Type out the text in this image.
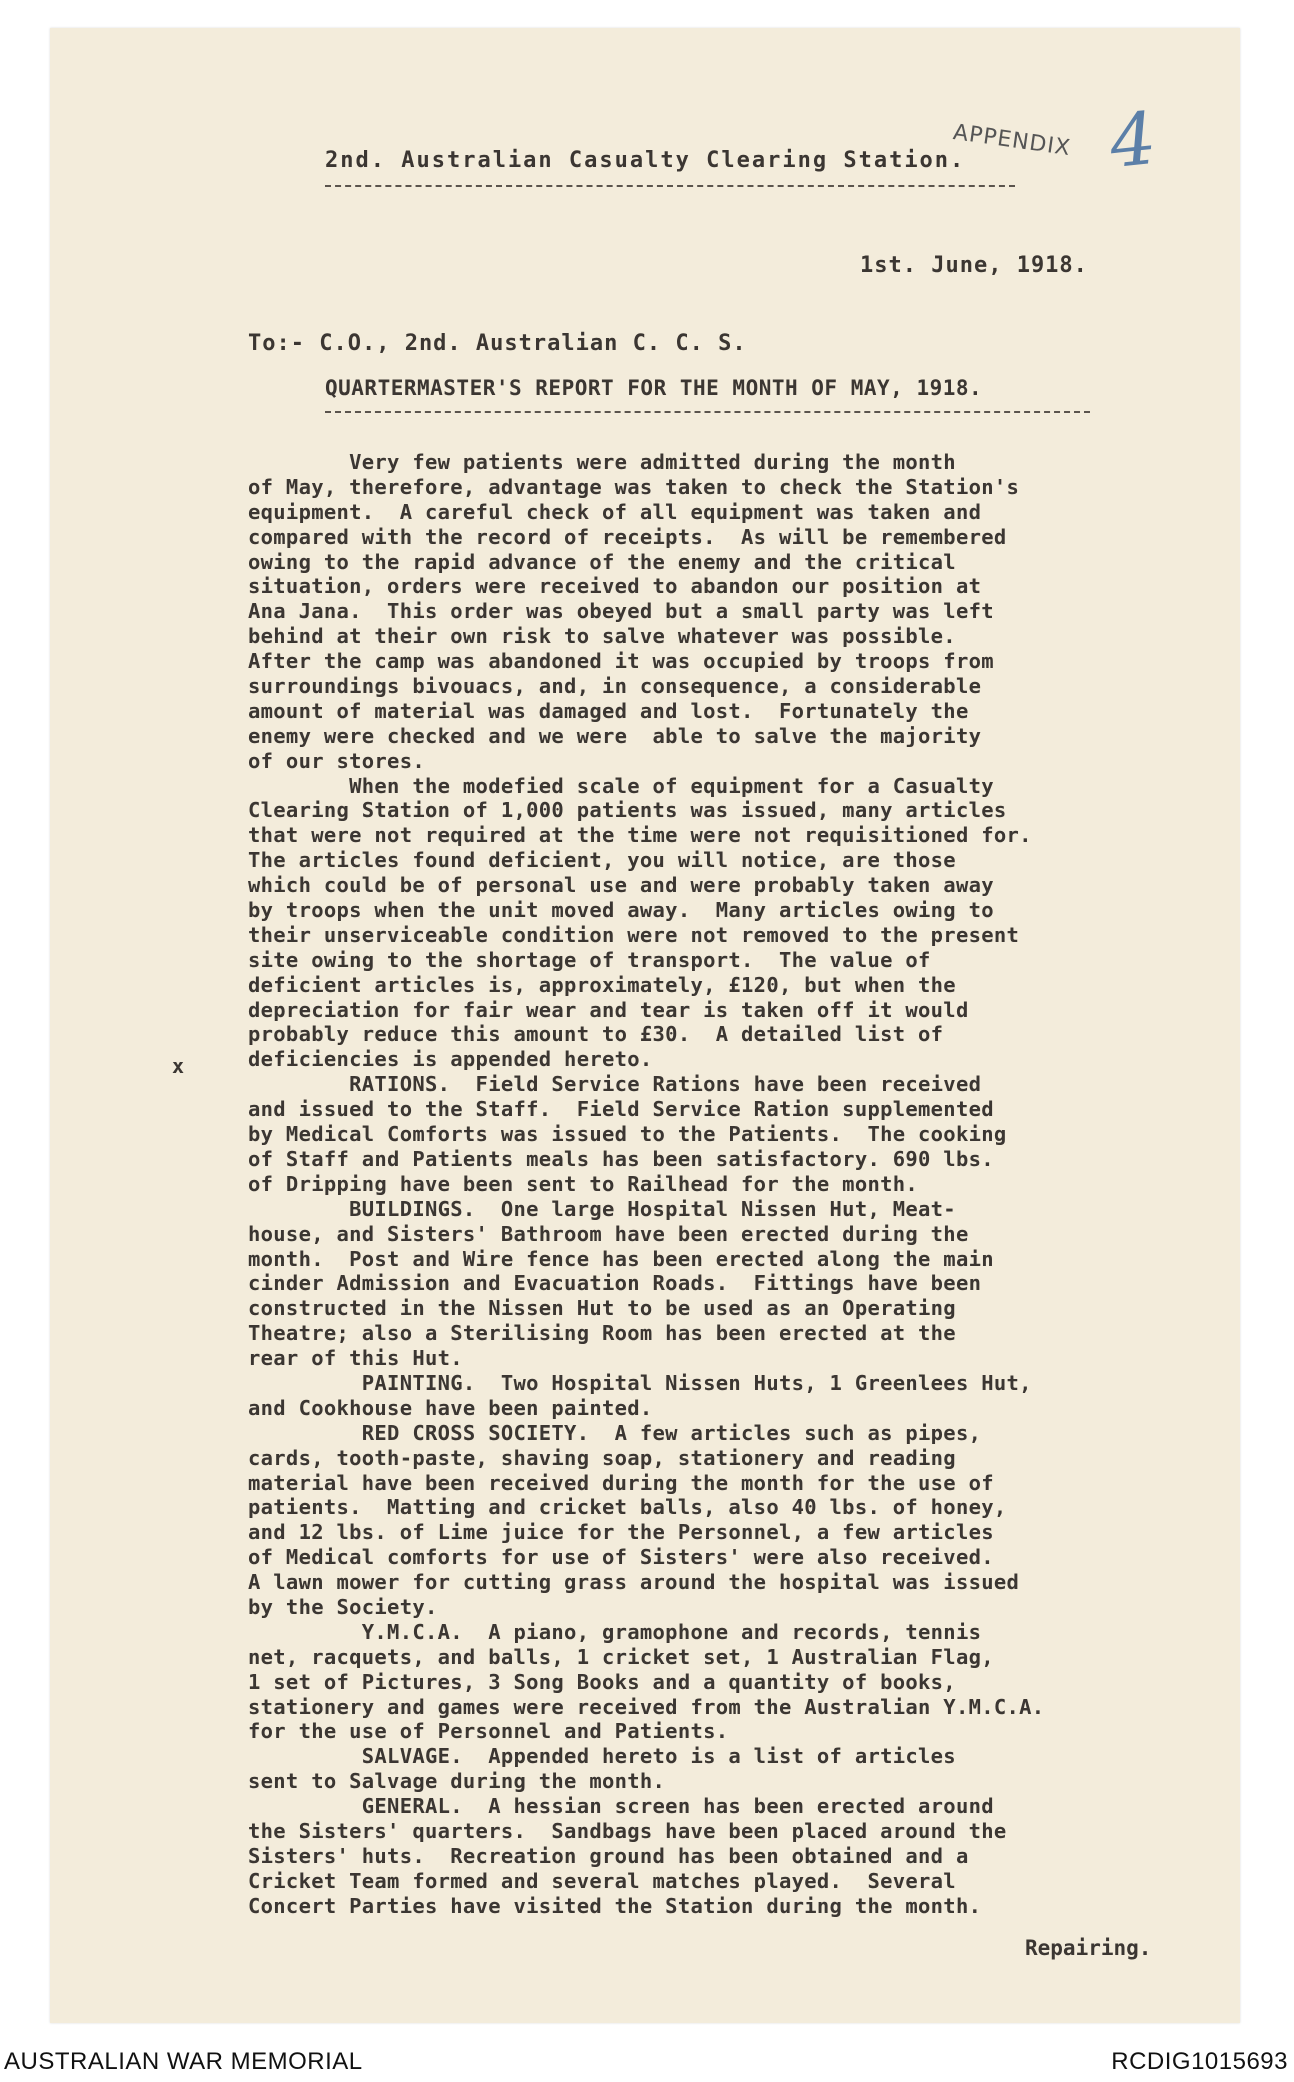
2nd. Australian Casualty Clearing Station.
APPENDIX 4
1st. June, 1918.
To:- C.O., 2nd. Australian C. C. S.
QUARTERMASTER'S REPORT FOR THE MONTH OF MAY, 1918.
Very few patients were admitted during the month
of May, therefore, advantage was taken to check the Station's
equipment.  A careful check of all equipment was taken and
compared with the record of receipts.  As will be remembered
owing to the rapid advance of the enemy and the critical
situation, orders were received to abandon our position at
Ana Jana.  This order was obeyed but a small party was left
behind at their own risk to salve whatever was possible.
After the camp was abandoned it was occupied by troops from
surroundings bivouacs, and, in consequence, a considerable
amount of material was damaged and lost.  Fortunately the
enemy were checked and we were  able to salve the majority
of our stores.
When the modefied scale of equipment for a Casualty
Clearing Station of 1,000 patients was issued, many articles
that were not required at the time were not requisitioned for.
The articles found deficient, you will notice, are those
which could be of personal use and were probably taken away
by troops when the unit moved away.  Many articles owing to
their unserviceable condition were not removed to the present
site owing to the shortage of transport.  The value of
deficient articles is, approximately, £120, but when the
depreciation for fair wear and tear is taken off it would
probably reduce this amount to £30.  A detailed list of
deficiencies is appended hereto.
RATIONS.  Field Service Rations have been received
and issued to the Staff.  Field Service Ration supplemented
by Medical Comforts was issued to the Patients.  The cooking
of Staff and Patients meals has been satisfactory. 690 lbs.
of Dripping have been sent to Railhead for the month.
BUILDINGS.  One large Hospital Nissen Hut, Meat-
house, and Sisters' Bathroom have been erected during the
month.  Post and Wire fence has been erected along the main
cinder Admission and Evacuation Roads.  Fittings have been
constructed in the Nissen Hut to be used as an Operating
Theatre; also a Sterilising Room has been erected at the
rear of this Hut.
PAINTING.  Two Hospital Nissen Huts, 1 Greenlees Hut,
and Cookhouse have been painted.
RED CROSS SOCIETY.  A few articles such as pipes,
cards, tooth-paste, shaving soap, stationery and reading
material have been received during the month for the use of
patients.  Matting and cricket balls, also 40 lbs. of honey,
and 12 lbs. of Lime juice for the Personnel, a few articles
of Medical comforts for use of Sisters' were also received.
A lawn mower for cutting grass around the hospital was issued
by the Society.
Y.M.C.A.  A piano, gramophone and records, tennis
net, racquets, and balls, 1 cricket set, 1 Australian Flag,
1 set of Pictures, 3 Song Books and a quantity of books,
stationery and games were received from the Australian Y.M.C.A.
for the use of Personnel and Patients.
SALVAGE.  Appended hereto is a list of articles
sent to Salvage during the month.
GENERAL.  A hessian screen has been erected around
the Sisters' quarters.  Sandbags have been placed around the
Sisters' huts.  Recreation ground has been obtained and a
Cricket Team formed and several matches played.  Several
Concert Parties have visited the Station during the month.
x
Repairing.
AUSTRALIAN WAR MEMORIAL	RCDIG1015693
